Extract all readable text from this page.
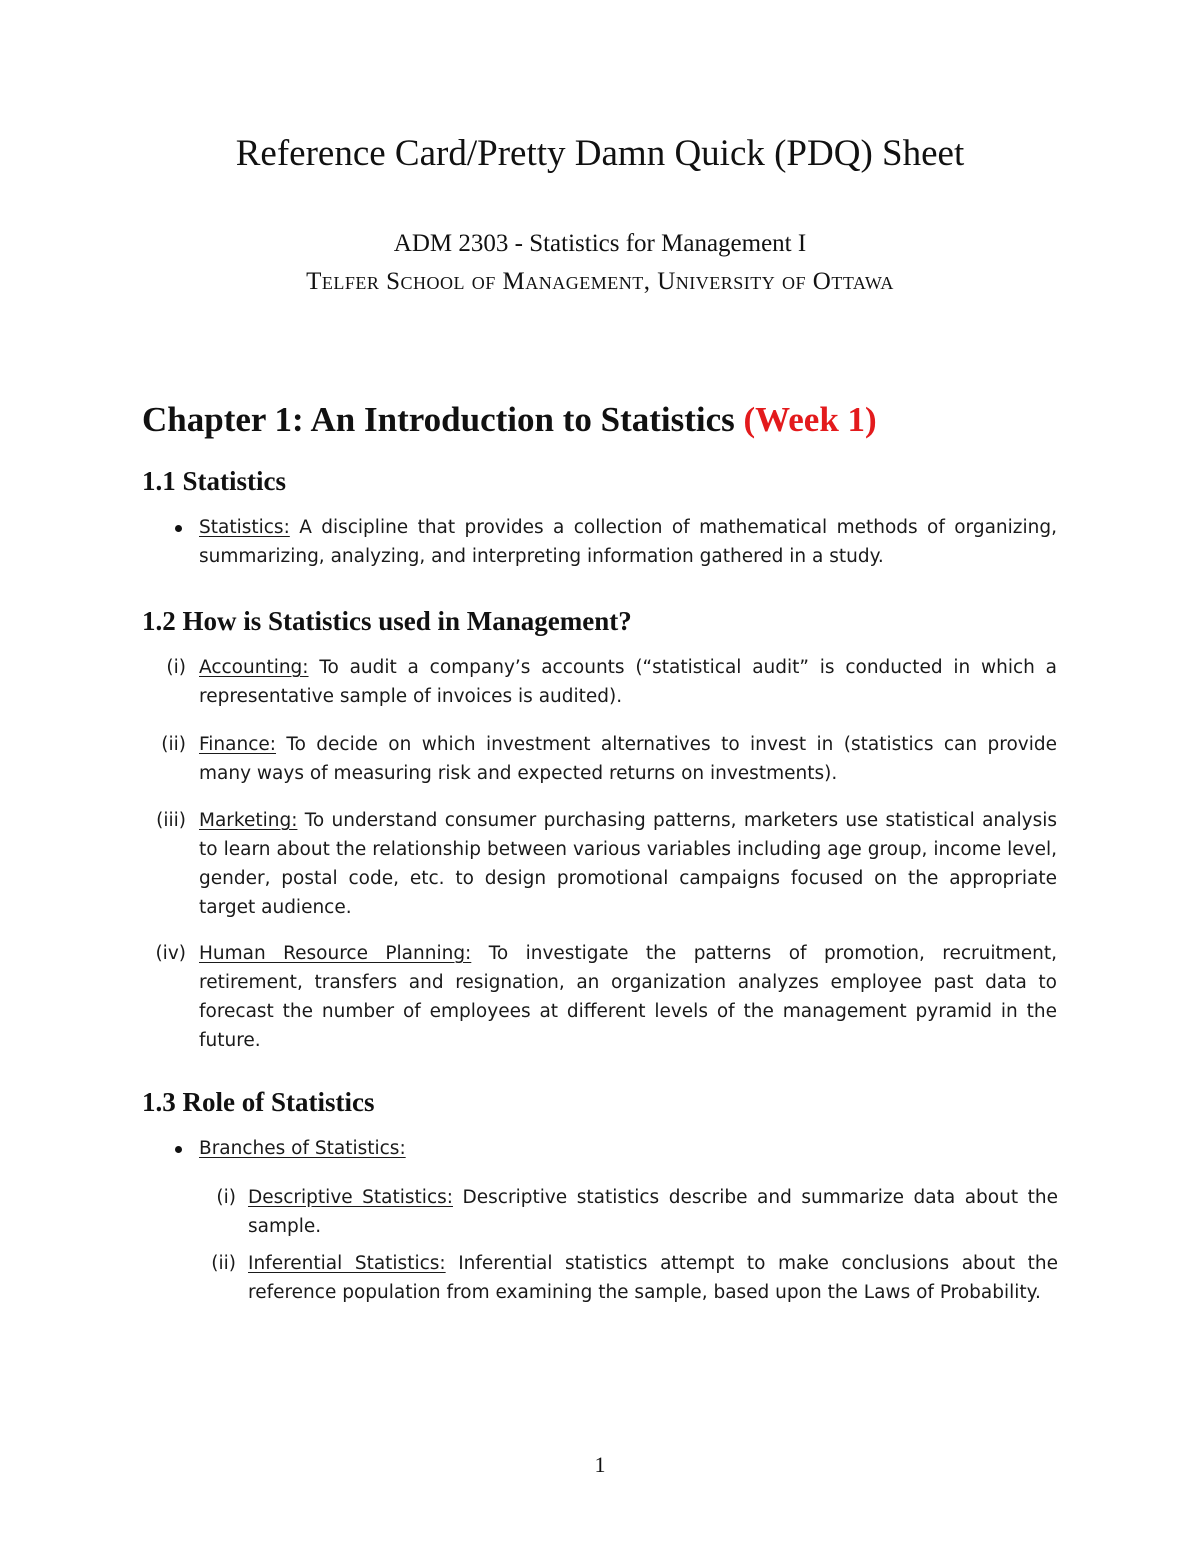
Reference Card/Pretty Damn Quick (PDQ) Sheet
ADM 2303 - Statistics for Management I
Telfer School of Management, University of Ottawa
Chapter 1: An Introduction to Statistics (Week 1)
1.1 Statistics
Statistics: A discipline that provides a collection of mathematical methods of organizing, summarizing, analyzing, and interpreting information gathered in a study.
1.2 How is Statistics used in Management?
(i) Accounting: To audit a company’s accounts (“statistical audit” is conducted in which a representative sample of invoices is audited).
(ii) Finance: To decide on which investment alternatives to invest in (statistics can provide many ways of measuring risk and expected returns on investments).
(iii) Marketing: To understand consumer purchasing patterns, marketers use statistical analysis to learn about the relationship between various variables including age group, income level, gender, postal code, etc. to design promotional campaigns focused on the appropriate target audience.
(iv) Human Resource Planning: To investigate the patterns of promotion, recruitment, retirement, transfers and resignation, an organization analyzes employee past data to forecast the number of employees at different levels of the management pyramid in the future.
1.3 Role of Statistics
Branches of Statistics:
(i) Descriptive Statistics: Descriptive statistics describe and summarize data about the sample.
(ii) Inferential Statistics: Inferential statistics attempt to make conclusions about the reference population from examining the sample, based upon the Laws of Probability.
1
